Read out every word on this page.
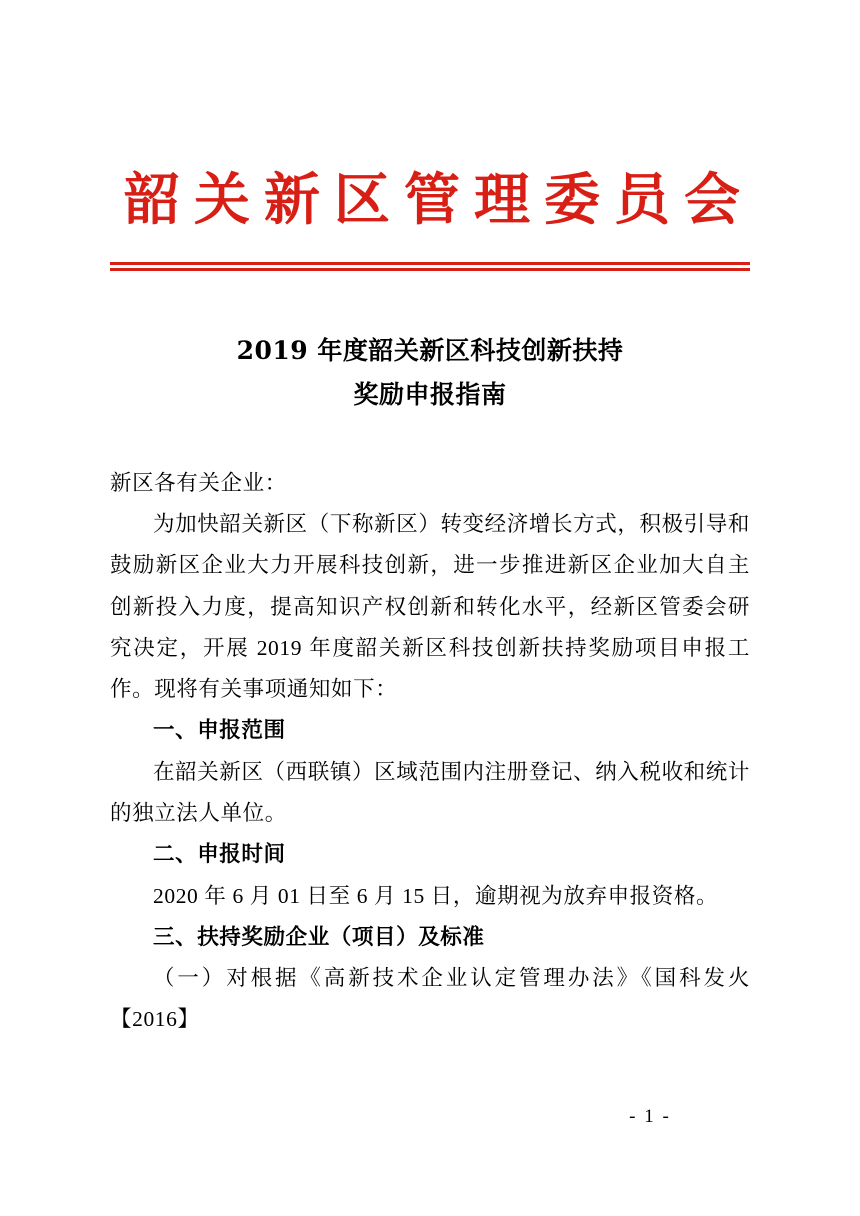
韶关新区管理委员会
2019 年度韶关新区科技创新扶持
奖励申报指南

新区各有关企业：

为加快韶关新区（下称新区）转变经济增长方式，积极引导和鼓励新区企业大力开展科技创新，进一步推进新区企业加大自主创新投入力度，提高知识产权创新和转化水平，经新区管委会研究决定，开展 2019 年度韶关新区科技创新扶持奖励项目申报工作。现将有关事项通知如下：

一、申报范围

在韶关新区（西联镇）区域范围内注册登记、纳入税收和统计的独立法人单位。

二、申报时间

2020 年 6 月 01 日至 6 月 15 日，逾期视为放弃申报资格。

三、扶持奖励企业（项目）及标准

（一）对根据《高新技术企业认定管理办法》《国科发火【2016】

- 1 -
